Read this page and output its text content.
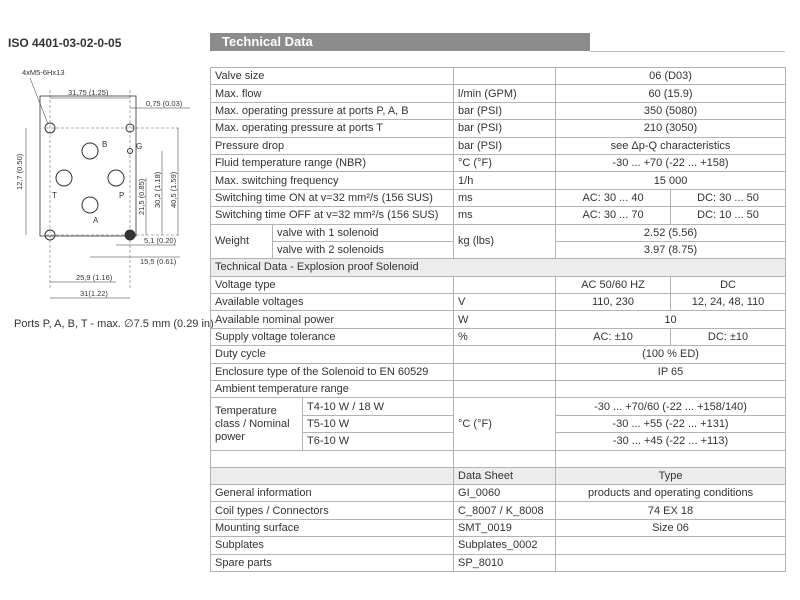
ISO 4401-03-02-0-05	Technical Data
B	G
T	P
A
4xM5-6Hx13
31,75 (1.25)
0,75 (0.03)
12,7 (0.50)	40,5 (1.59)
30,2 (1.18)
21,5 (0.85)
5,1 (0.20)
15,5 (0.61)
25,9 (1.16)
31(1.22)
Ports P, A, B, T - max. ∅7.5 mm (0.29 in)
Valve size				06 (D03)	
Max. flow			l/min (GPM)	60 (15.9)	
Max. operating pressure at ports P, A, B			bar (PSI)	350 (5080)	
Max. operating pressure at ports T			bar (PSI)	210 (3050)	
Pressure drop			bar (PSI)	see Δp-Q characteristics	
Fluid temperature range (NBR)			°C (°F)	-30 ... +70 (-22 ... +158)	
Max. switching frequency			1/h	15 000	
Switching time ON at v=32 mm²/s (156 SUS)			ms	AC: 30 ... 40	DC: 30 ... 50
Switching time OFF at v=32 mm²/s (156 SUS)			ms	AC: 30 ... 70	DC: 10 ... 50
Weight	valve with 1 solenoid		kg (lbs)	2.52 (5.56)	
	valve with 2 solenoids			3.97 (8.75)	
Technical Data - Explosion proof Solenoid					
Voltage type				AC 50/60 HZ	DC
Available voltages			V	110, 230	12, 24, 48, 110
Available nominal power			W	10	
Supply voltage tolerance			%	AC: ±10	DC: ±10
Duty cycle				(100 % ED)	
Enclosure type of the Solenoid to EN 60529				IP 65	
Ambient temperature range					
Temperature class / Nominal power		T4-10 W / 18 W	°C (°F)	-30 ... +70/60 (-22 ... +158/140)	
		T5-10 W		-30 ... +55 (-22 ... +131)	
		T6-10 W		-30 ... +45 (-22 ... +113)	

			Data Sheet	Type	
General information			GI_0060	products and operating conditions	
Coil types / Connectors			C_8007 / K_8008	74 EX 18	
Mounting surface			SMT_0019	Size 06	
Subplates			Subplates_0002		
Spare parts			SP_8010		
